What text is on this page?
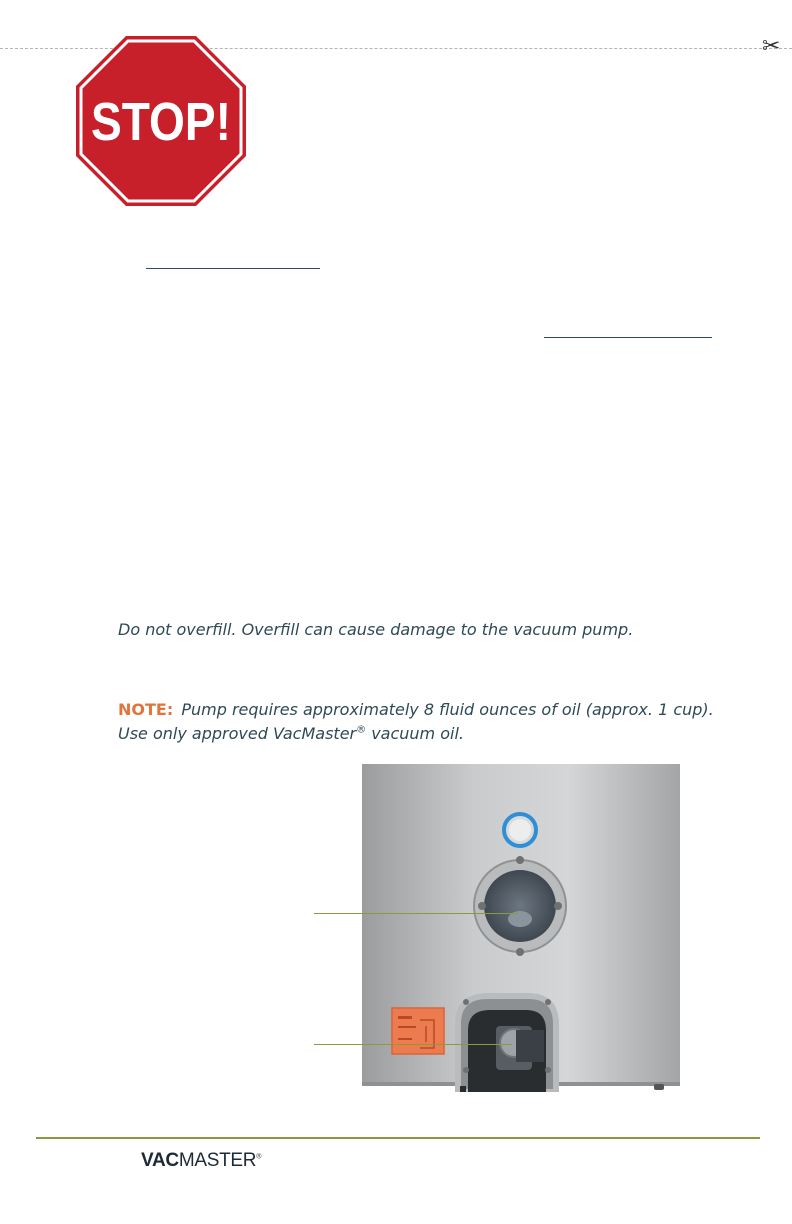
✂
STOP!
Do not overfill. Overfill can cause damage to the vacuum pump.
NOTE: Pump requires approximately 8 fluid ounces of oil (approx. 1 cup).
Use only approved VacMaster® vacuum oil.
VACMASTER®
